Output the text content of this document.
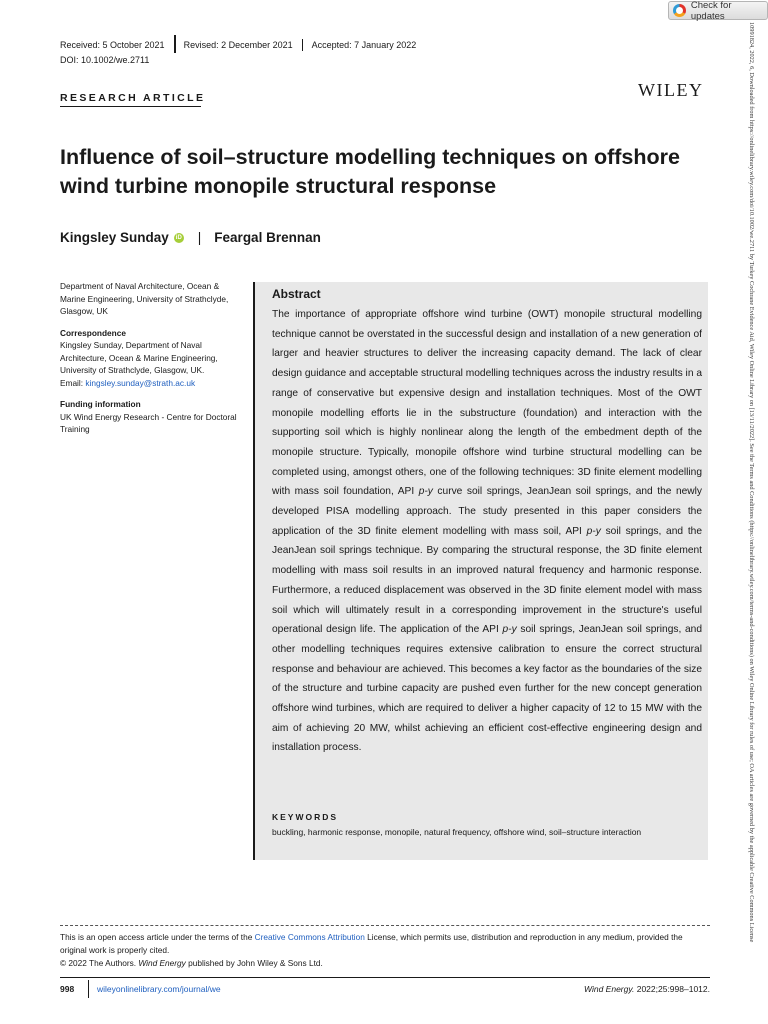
Check for updates
Received: 5 October 2021	Revised: 2 December 2021	Accepted: 7 January 2022
DOI: 10.1002/we.2711
RESEARCH ARTICLE	WILEY
Influence of soil–structure modelling techniques on offshore wind turbine monopile structural response
Kingsley Sunday	iD | Feargal Brennan
Department of Naval Architecture, Ocean & Marine Engineering, University of Strathclyde, Glasgow, UK
Correspondence
Kingsley Sunday, Department of Naval Architecture, Ocean & Marine Engineering, University of Strathclyde, Glasgow, UK.
Email: kingsley.sunday@strath.ac.uk
Funding information
UK Wind Energy Research - Centre for Doctoral Training
Abstract

The importance of appropriate offshore wind turbine (OWT) monopile structural modelling technique cannot be overstated in the successful design and installation of a new generation of larger and heavier structures to deliver the increasing capacity demand. The lack of clear design guidance and acceptable structural modelling techniques across the industry results in a range of conservative but expensive design and installation techniques. Most of the OWT monopile modelling efforts lie in the substructure (foundation) and interaction with the supporting soil which is highly nonlinear along the length of the embedment depth of the monopile structure. Typically, monopile offshore wind turbine structural modelling can be completed using, amongst others, one of the following techniques: 3D finite element modelling with mass soil foundation, API p-y curve soil springs, JeanJean soil springs, and the newly developed PISA modelling approach. The study presented in this paper considers the application of the 3D finite element modelling with mass soil, API p-y soil springs, and the JeanJean soil springs technique. By comparing the structural response, the 3D finite element modelling with mass soil results in an improved natural frequency and harmonic response. Furthermore, a reduced displacement was observed in the 3D finite element model with mass soil which will ultimately result in a corresponding improvement in the structure's useful operational design life. The application of the API p-y soil springs, JeanJean soil springs, and other modelling techniques requires extensive calibration to ensure the correct structural response and behaviour are achieved. This becomes a key factor as the boundaries of the size of the structure and turbine capacity are pushed even further for the new concept generation offshore wind turbines, which are required to deliver a higher capacity of 12 to 15 MW with the aim of achieving 20 MW, whilst achieving an efficient cost-effective engineering design and installation process.

KEYWORDS
buckling, harmonic response, monopile, natural frequency, offshore wind, soil–structure interaction	10991824, 2022, 6, Downloaded from https://onlinelibrary.wiley.com/doi/10.1002/we.2711 by Turkey Cochrane Evidence Aid, Wiley Online Library on [13/11/2022]. See the Terms and Conditions (https://onlinelibrary.wiley.com/terms-and-conditions) on Wiley Online Library for rules of use; OA articles are governed by the applicable Creative Commons License
This is an open access article under the terms of the Creative Commons Attribution License, which permits use, distribution and reproduction in any medium, provided the original work is properly cited.
© 2022 The Authors. Wind Energy published by John Wiley & Sons Ltd.
998	wileyonlinelibrary.com/journal/we	Wind Energy. 2022;25:998–1012.
